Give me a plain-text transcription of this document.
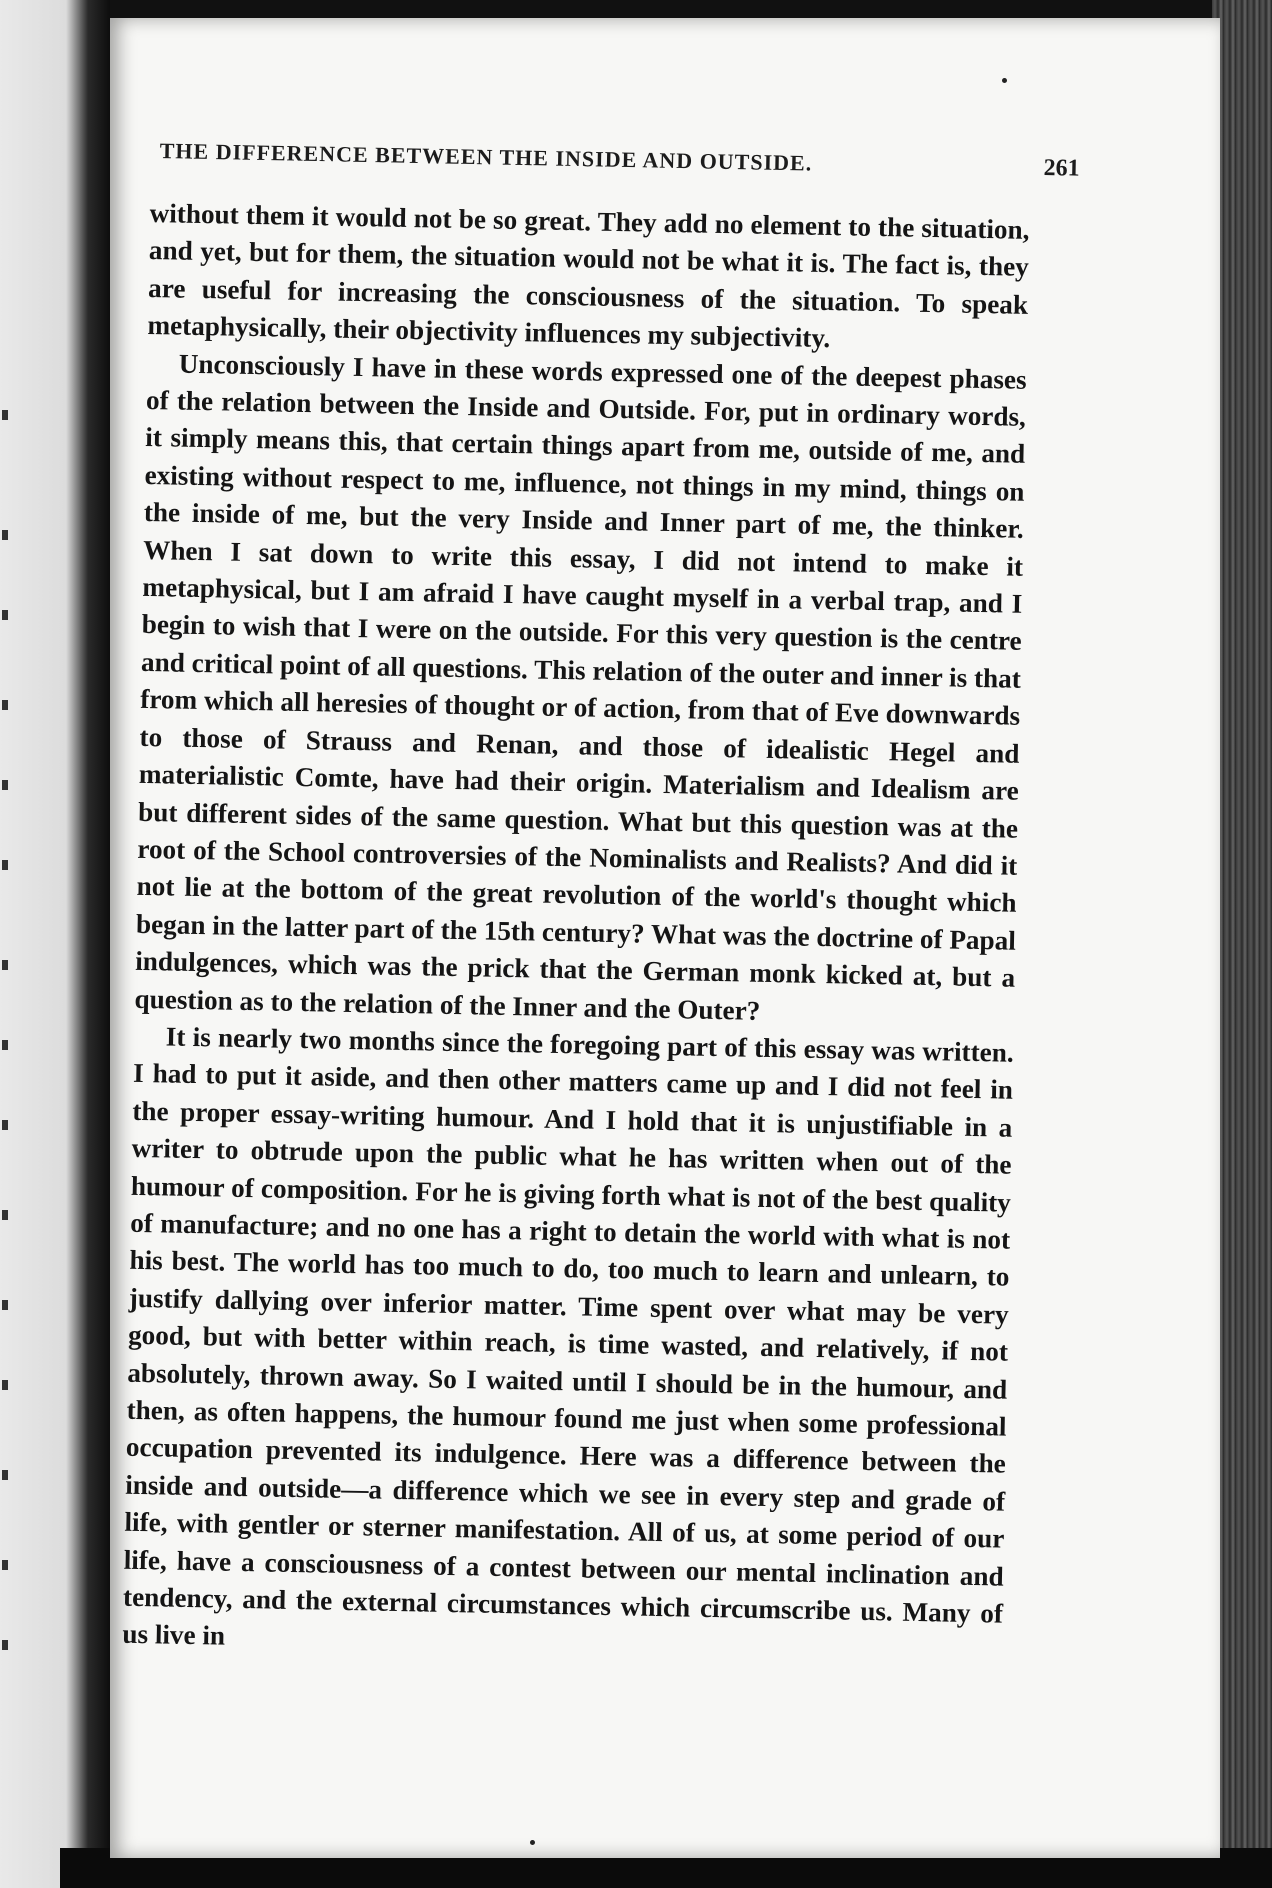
THE DIFFERENCE BETWEEN THE INSIDE AND OUTSIDE.	261

without them it would not be so great. They add no element to the situation, and yet, but for them, the situation would not be what it is. The fact is, they are useful for increasing the consciousness of the situation. To speak metaphysically, their objectivity influences my subjectivity.

Unconsciously I have in these words expressed one of the deepest phases of the relation between the Inside and Outside. For, put in ordinary words, it simply means this, that certain things apart from me, outside of me, and existing without respect to me, influence, not things in my mind, things on the inside of me, but the very Inside and Inner part of me, the thinker. When I sat down to write this essay, I did not intend to make it metaphysical, but I am afraid I have caught myself in a verbal trap, and I begin to wish that I were on the outside. For this very question is the centre and critical point of all questions. This relation of the outer and inner is that from which all heresies of thought or of action, from that of Eve downwards to those of Strauss and Renan, and those of idealistic Hegel and materialistic Comte, have had their origin. Materialism and Idealism are but different sides of the same question. What but this question was at the root of the School controversies of the Nominalists and Realists? And did it not lie at the bottom of the great revolution of the world's thought which began in the latter part of the 15th century? What was the doctrine of Papal indulgences, which was the prick that the German monk kicked at, but a question as to the relation of the Inner and the Outer?

It is nearly two months since the foregoing part of this essay was written. I had to put it aside, and then other matters came up and I did not feel in the proper essay-writing humour. And I hold that it is unjustifiable in a writer to obtrude upon the public what he has written when out of the humour of composition. For he is giving forth what is not of the best quality of manufacture; and no one has a right to detain the world with what is not his best. The world has too much to do, too much to learn and unlearn, to justify dallying over inferior matter. Time spent over what may be very good, but with better within reach, is time wasted, and relatively, if not absolutely, thrown away. So I waited until I should be in the humour, and then, as often happens, the humour found me just when some professional occupation prevented its indulgence. Here was a difference between the inside and outside—a difference which we see in every step and grade of life, with gentler or sterner manifestation. All of us, at some period of our life, have a consciousness of a contest between our mental inclination and tendency, and the external circumstances which circumscribe us. Many of us live in
